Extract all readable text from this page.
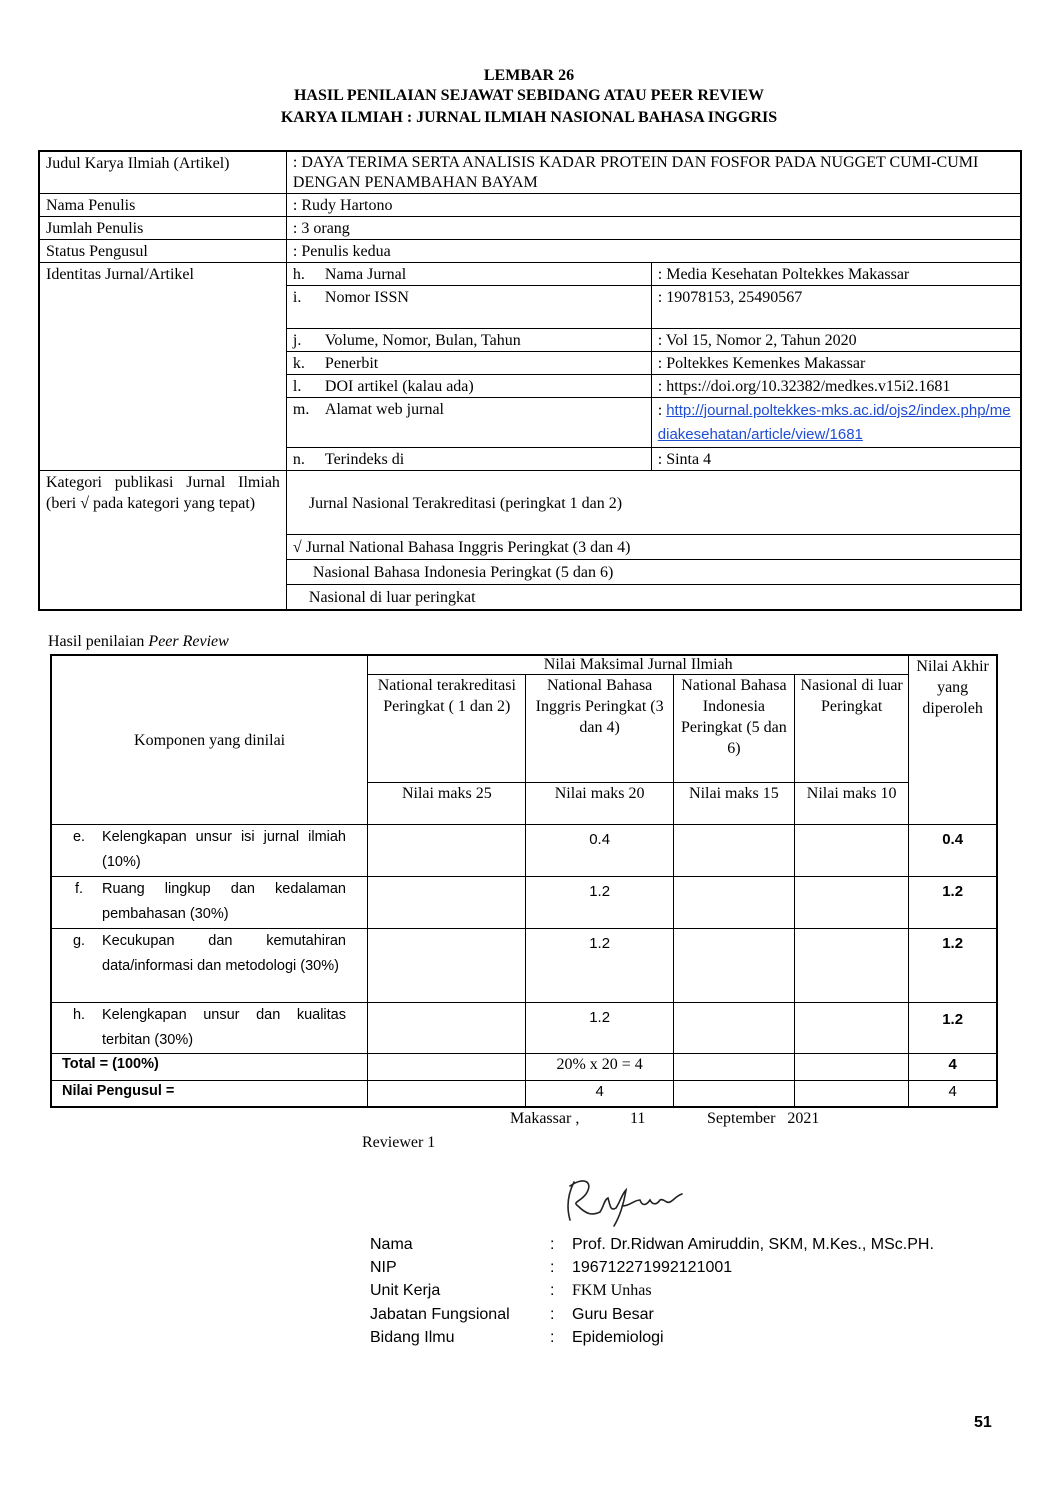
LEMBAR 26
HASIL PENILAIAN SEJAWAT SEBIDANG ATAU PEER REVIEW
KARYA ILMIAH : JURNAL ILMIAH NASIONAL BAHASA INGGRIS
Judul Karya Ilmiah (Artikel)	: DAYA TERIMA SERTA ANALISIS KADAR PROTEIN DAN FOSFOR PADA NUGGET CUMI-CUMI DENGAN PENAMBAHAN BAYAM	
Nama Penulis	: Rudy Hartono	
Jumlah Penulis	: 3 orang	
Status Pengusul	: Penulis kedua	
Identitas Jurnal/Artikel	h. Nama Jurnal	: Media Kesehatan Poltekkes Makassar
	i. Nomor ISSN	: 19078153, 25490567
	j. Volume, Nomor, Bulan, Tahun	: Vol 15, Nomor 2, Tahun 2020
	k. Penerbit	: Poltekkes Kemenkes Makassar
	l. DOI artikel (kalau ada)	: https://doi.org/10.32382/medkes.v15i2.1681
	m. Alamat web jurnal	: http://journal.poltekkes-mks.ac.id/ojs2/index.php/mediakesehatan/article/view/1681
	n. Terindeks di	: Sinta 4
Kategori publikasi Jurnal Ilmiah (beri √ pada kategori yang tepat)	Jurnal Nasional Terakreditasi (peringkat 1 dan 2)	
	√ Jurnal National Bahasa Inggris Peringkat (3 dan 4)	
	Nasional Bahasa Indonesia Peringkat (5 dan 6)	
	Nasional di luar peringkat	
Hasil penilaian Peer Review
Komponen yang dinilai	Nilai Maksimal Jurnal Ilmiah				Nilai Akhir yang diperoleh
	National terakreditasi Peringkat ( 1 dan 2)	National Bahasa Inggris Peringkat (3 dan 4)	National Bahasa Indonesia Peringkat (5 dan 6)	Nasional di luar Peringkat	
	Nilai maks 25	Nilai maks 20	Nilai maks 15	Nilai maks 10	
e. Kelengkapan unsur isi jurnal ilmiah (10%)		0.4			0.4
f. Ruang lingkup dan kedalaman pembahasan (30%)		1.2			1.2
g. Kecukupan dan kemutahiran data/informasi dan metodologi (30%)		1.2			1.2
h. Kelengkapan unsur dan kualitas terbitan (30%)		1.2			1.2
Total = (100%)		20% x 20 = 4			4
Nilai Pengusul =		4			4
Makassar ,	11	September   2021
Reviewer 1
Nama	: Prof. Dr.Ridwan Amiruddin, SKM, M.Kes., MSc.PH.
NIP	: 196712271992121001
Unit Kerja	: FKM Unhas
Jabatan Fungsional	: Guru Besar
Bidang Ilmu	: Epidemiologi
51
